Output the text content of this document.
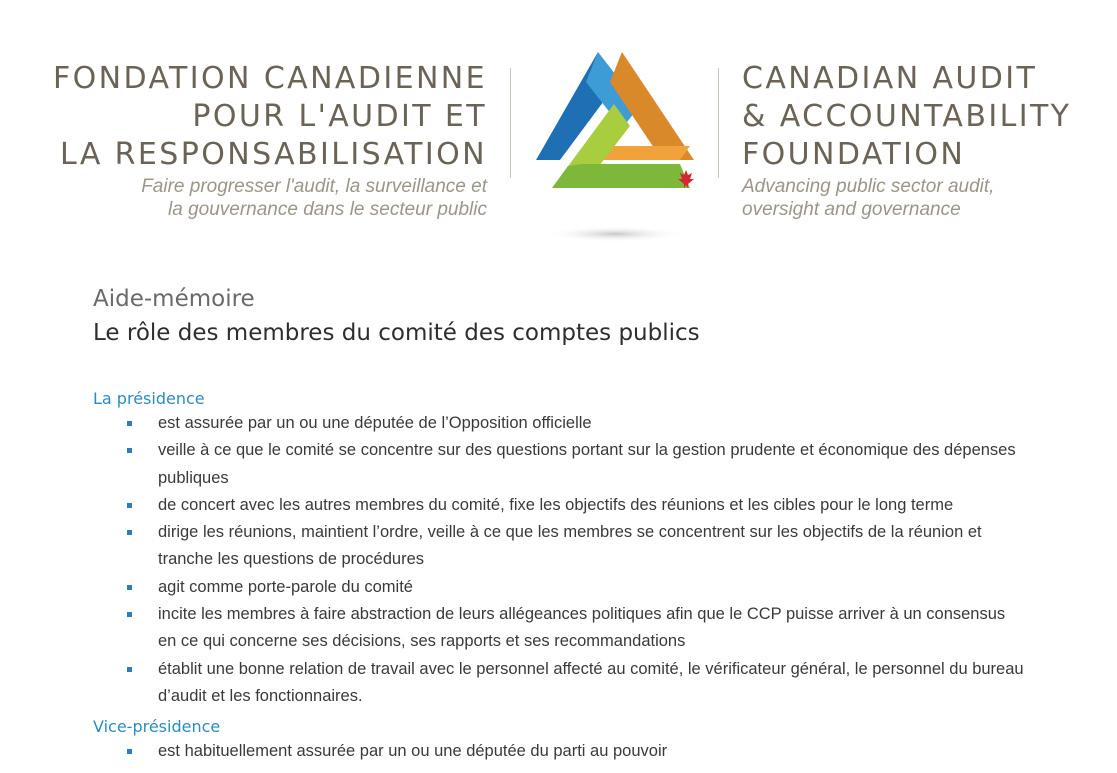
FONDATION CANADIENNE
POUR L'AUDIT ET
LA RESPONSABILISATION
Faire progresser l'audit, la surveillance et
la gouvernance dans le secteur public
CANADIAN AUDIT
& ACCOUNTABILITY
FOUNDATION
Advancing public sector audit,
oversight and governance
Aide-mémoire
Le rôle des membres du comité des comptes publics
La présidence
est assurée par un ou une députée de l’Opposition officielle
veille à ce que le comité se concentre sur des questions portant sur la gestion prudente et économique des dépenses publiques
de concert avec les autres membres du comité, fixe les objectifs des réunions et les cibles pour le long terme
dirige les réunions, maintient l’ordre, veille à ce que les membres se concentrent sur les objectifs de la réunion et tranche les questions de procédures
agit comme porte-parole du comité
incite les membres à faire abstraction de leurs allégeances politiques afin que le CCP puisse arriver à un consensus en ce qui concerne ses décisions, ses rapports et ses recommandations
établit une bonne relation de travail avec le personnel affecté au comité, le vérificateur général, le personnel du bureau d’audit et les fonctionnaires.
Vice-présidence
est habituellement assurée par un ou une députée du parti au pouvoir
